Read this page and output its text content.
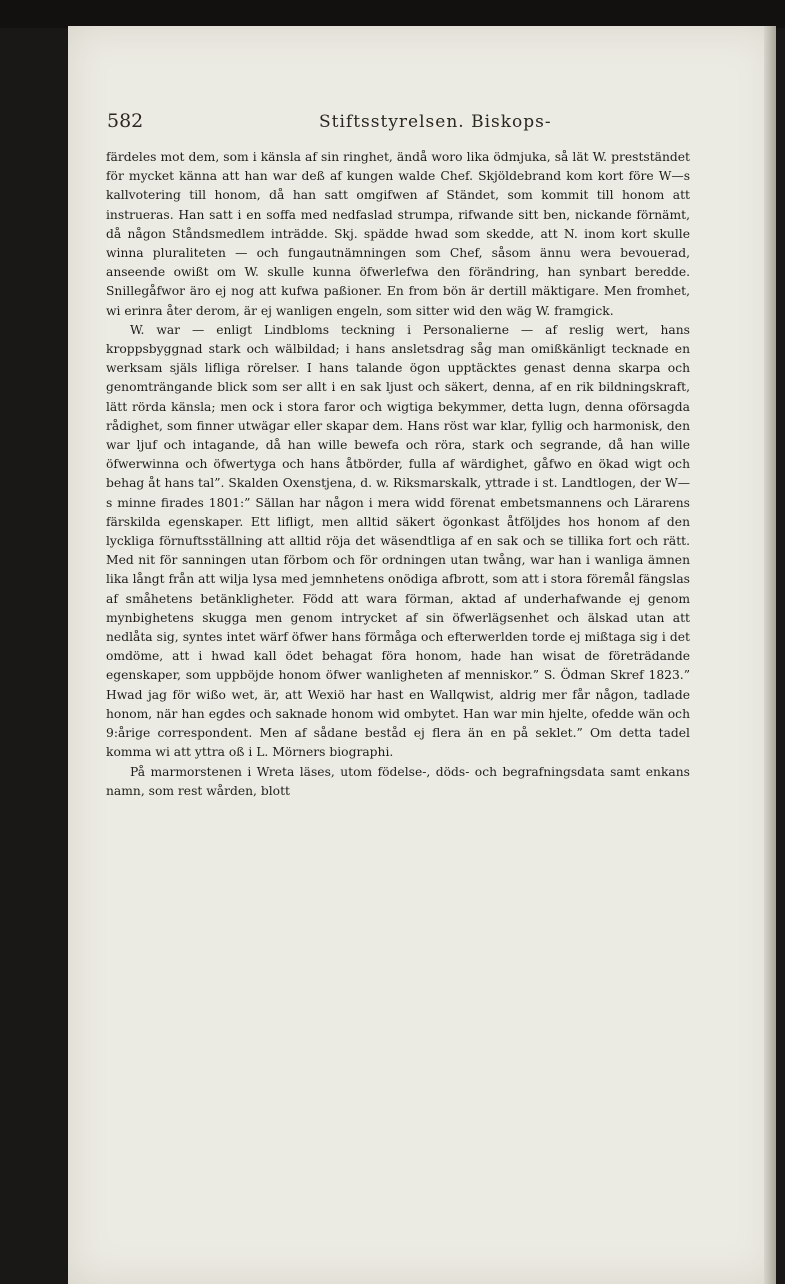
582	Stiftsstyrelsen. Biskops-

färdeles mot dem, som i känsla af sin ringhet, ändå woro lika ödmjuka, så lät W. prestständet för mycket känna att han war deß af kungen walde Chef. Skjöldebrand kom kort före W—s kallvotering till honom, då han satt omgifwen af Ständet, som kommit till honom att instrueras. Han satt i en soffa med nedfaslad strumpa, rifwande sitt ben, nickande förnämt, då någon Ståndsmedlem inträdde. Skj. spädde hwad som skedde, att N. inom kort skulle winna pluraliteten — och fungautnämningen som Chef, såsom ännu wera bevouerad, anseende owißt om W. skulle kunna öfwerlefwa den förändring, han synbart beredde. Snillegåfwor äro ej nog att kufwa paßioner. En from bön är dertill mäktigare. Men fromhet, wi erinra åter derom, är ej wanligen engeln, som sitter wid den wäg W. framgick.

W. war — enligt Lindbloms teckning i Personalierne — af reslig wert, hans kroppsbyggnad stark och wälbildad; i hans ansletsdrag såg man omißkänligt tecknade en werksam själs lifliga rörelser. I hans talande ögon upptäcktes genast denna skarpa och genomträngande blick som ser allt i en sak ljust och säkert, denna, af en rik bildningskraft, lätt rörda känsla; men ock i stora faror och wigtiga bekymmer, detta lugn, denna oförsagda rådighet, som finner utwägar eller skapar dem. Hans röst war klar, fyllig och harmonisk, den war ljuf och intagande, då han wille bewefa och röra, stark och segrande, då han wille öfwerwinna och öfwertyga och hans åtbörder, fulla af wärdighet, gåfwo en ökad wigt och behag åt hans tal”. Skalden Oxenstjena, d. w. Riksmarskalk, yttrade i st. Landtlogen, der W—s minne firades 1801:” Sällan har någon i mera widd förenat embetsmannens och Lärarens färskilda egenskaper. Ett lifligt, men alltid säkert ögonkast åtföljdes hos honom af den lyckliga förnuftsställning att alltid röja det wäsendtliga af en sak och se tillika fort och rätt. Med nit för sanningen utan förbom och för ordningen utan twång, war han i wanliga ämnen lika långt från att wilja lysa med jemnhetens onödiga afbrott, som att i stora föremål fängslas af småhetens betänkligheter. Född att wara förman, aktad af underhafwande ej genom mynbighetens skugga men genom intrycket af sin öfwerlägsenhet och älskad utan att nedlåta sig, syntes intet wärf öfwer hans förmåga och efterwerlden torde ej mißtaga sig i det omdöme, att i hwad kall ödet behagat föra honom, hade han wisat de företrädande egenskaper, som uppböjde honom öfwer wanligheten af menniskor.” S. Ödman Skref 1823.” Hwad jag för wißo wet, är, att Wexiö har hast en Wallqwist, aldrig mer får någon, tadlade honom, när han egdes och saknade honom wid ombytet. Han war min hjelte, ofedde wän och 9:årige correspondent. Men af sådane beståd ej flera än en på seklet.” Om detta tadel komma wi att yttra oß i L. Mörners biographi.

På marmorstenen i Wreta läses, utom födelse-, döds- och begrafningsdata samt enkans namn, som rest wården, blott
